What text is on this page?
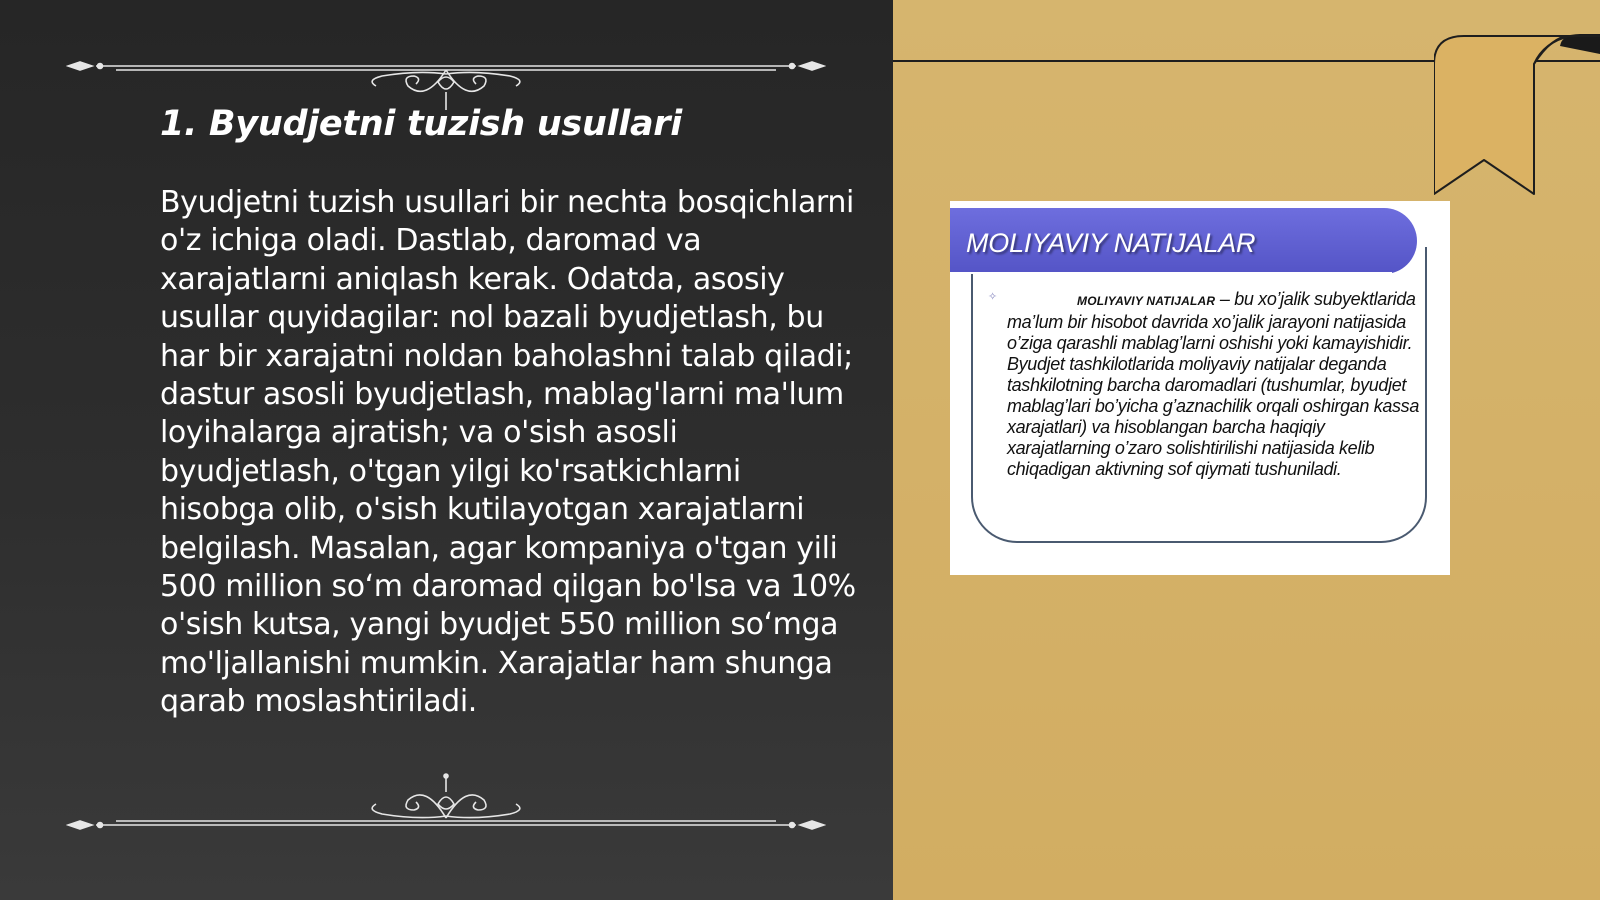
1. Byudjetni tuzish usullari

Byudjetni tuzish usullari bir nechta bosqichlarni o'z ichiga oladi. Dastlab, daromad va xarajatlarni aniqlash kerak. Odatda, asosiy usullar quyidagilar: nol bazali byudjetlash, bu har bir xarajatni noldan baholashni talab qiladi; dastur asosli byudjetlash, mablag'larni ma'lum loyihalarga ajratish; va o'sish asosli byudjetlash, o'tgan yilgi ko'rsatkichlarni hisobga olib, o'sish kutilayotgan xarajatlarni belgilash. Masalan, agar kompaniya o'tgan yili 500 million so‘m daromad qilgan bo'lsa va 10% o'sish kutsa, yangi byudjet 550 million so‘mga mo'ljallanishi mumkin. Xarajatlar ham shunga qarab moslashtiriladi.

MOLIYAVIY NATIJALAR
✧	MOLIYAVIY NATIJALAR – bu xo’jalik subyektlarida ma’lum bir hisobot davrida xo’jalik jarayoni natijasida o’ziga qarashli mablag’larni oshishi yoki kamayishidir. Byudjet tashkilotlarida moliyaviy natijalar deganda tashkilotning barcha daromadlari (tushumlar, byudjet mablag’lari bo’yicha g’aznachilik orqali oshirgan kassa xarajatlari) va hisoblangan barcha haqiqiy xarajatlarning o’zaro solishtirilishi natijasida kelib chiqadigan aktivning sof qiymati tushuniladi.
